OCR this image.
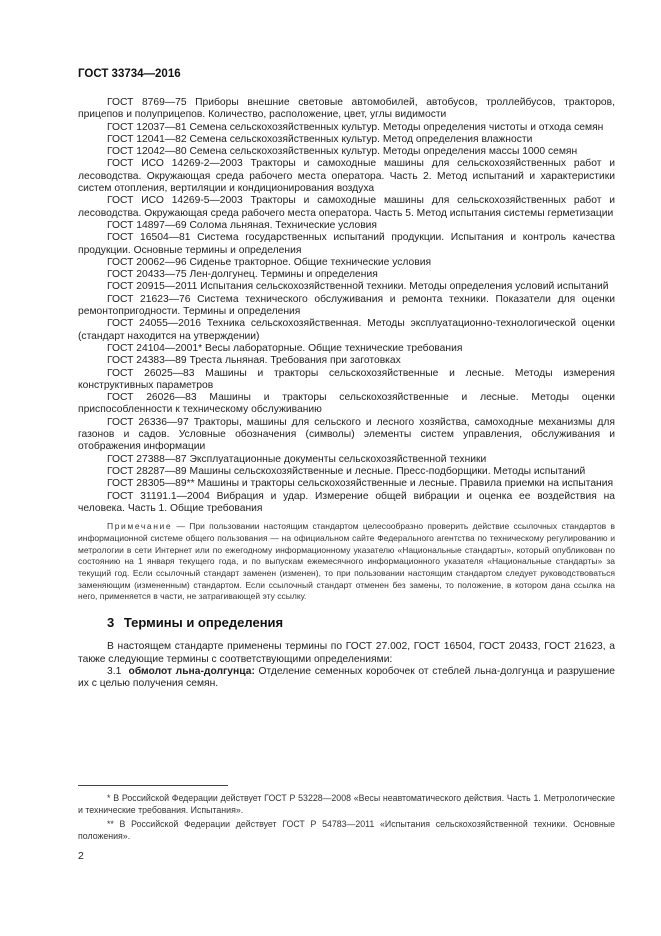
ГОСТ 33734—2016

ГОСТ 8769—75 Приборы внешние световые автомобилей, автобусов, троллейбусов, тракторов, прицепов и полуприцепов. Количество, расположение, цвет, углы видимости

ГОСТ 12037—81 Семена сельскохозяйственных культур. Методы определения чистоты и отхода семян

ГОСТ 12041—82 Семена сельскохозяйственных культур. Метод определения влажности

ГОСТ 12042—80 Семена сельскохозяйственных культур. Методы определения массы 1000 семян

ГОСТ ИСО 14269-2—2003 Тракторы и самоходные машины для сельскохозяйственных работ и лесоводства. Окружающая среда рабочего места оператора. Часть 2. Метод испытаний и характеристики систем отопления, вертиляции и кондиционирования воздуха

ГОСТ ИСО 14269-5—2003 Тракторы и самоходные машины для сельскохозяйственных работ и лесоводства. Окружающая среда рабочего места оператора. Часть 5. Метод испытания системы герметизации

ГОСТ 14897—69 Солома льняная. Технические условия

ГОСТ 16504—81 Система государственных испытаний продукции. Испытания и контроль качества продукции. Основные термины и определения

ГОСТ 20062—96 Сиденье тракторное. Общие технические условия

ГОСТ 20433—75 Лен-долгунец. Термины и определения

ГОСТ 20915—2011 Испытания сельскохозяйственной техники. Методы определения условий испытаний

ГОСТ 21623—76 Система технического обслуживания и ремонта техники. Показатели для оценки ремонтопригодности. Термины и определения

ГОСТ 24055—2016 Техника сельскохозяйственная. Методы эксплуатационно-технологической оценки (стандарт находится на утверждении)

ГОСТ 24104—2001* Весы лабораторные. Общие технические требования

ГОСТ 24383—89 Треста льняная. Требования при заготовках

ГОСТ 26025—83 Машины и тракторы сельскохозяйственные и лесные. Методы измерения конструктивных параметров

ГОСТ 26026—83 Машины и тракторы сельскохозяйственные и лесные. Методы оценки приспособленности к техническому обслуживанию

ГОСТ 26336—97 Тракторы, машины для сельского и лесного хозяйства, самоходные механизмы для газонов и садов. Условные обозначения (символы) элементы систем управления, обслуживания и отображения информации

ГОСТ 27388—87 Эксплуатационные документы сельскохозяйственной техники

ГОСТ 28287—89 Машины сельскохозяйственные и лесные. Пресс-подборщики. Методы испытаний

ГОСТ 28305—89** Машины и тракторы сельскохозяйственные и лесные. Правила приемки на испытания

ГОСТ 31191.1—2004 Вибрация и удар. Измерение общей вибрации и оценка ее воздействия на человека. Часть 1. Общие требования

Примечание — При пользовании настоящим стандартом целесообразно проверить действие ссылочных стандартов в информационной системе общего пользования — на официальном сайте Федерального агентства по техническому регулированию и метрологии в сети Интернет или по ежегодному информационному указателю «Национальные стандарты», который опубликован по состоянию на 1 января текущего года, и по выпускам ежемесячного информационного указателя «Национальные стандарты» за текущий год. Если ссылочный стандарт заменен (изменен), то при пользовании настоящим стандартом следует руководствоваться заменяющим (измененным) стандартом. Если ссылочный стандарт отменен без замены, то положение, в котором дана ссылка на него, применяется в части, не затрагивающей эту ссылку.

3 Термины и определения

В настоящем стандарте применены термины по ГОСТ 27.002, ГОСТ 16504, ГОСТ 20433, ГОСТ 21623, а также следующие термины с соответствующими определениями:

3.1 обмолот льна-долгунца: Отделение семенных коробочек от стеблей льна-долгунца и разрушение их с целью получения семян.

* В Российской Федерации действует ГОСТ Р 53228—2008 «Весы неавтоматического действия. Часть 1. Метрологические и технические требования. Испытания».

** В Российской Федерации действует ГОСТ Р 54783—2011 «Испытания сельскохозяйственной техники. Основные положения».

2
